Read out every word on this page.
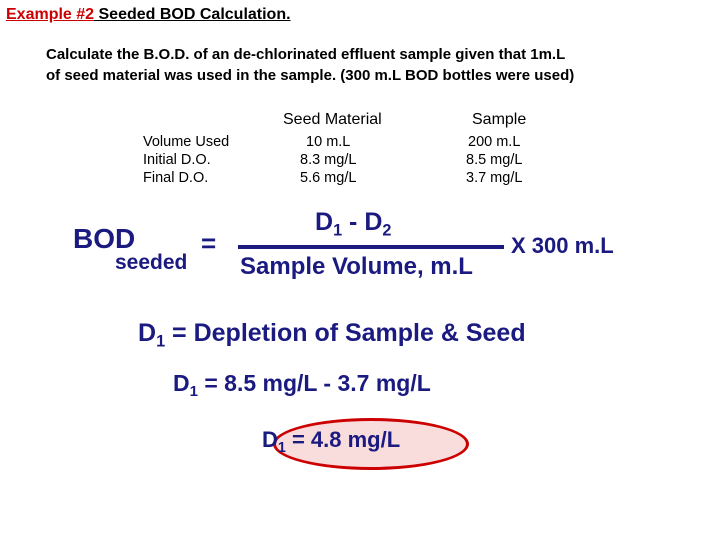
Example #2 Seeded BOD Calculation.
Calculate the B.O.D. of an de-chlorinated effluent sample given that 1m.L
of seed material was used in the sample. (300 m.L BOD bottles were used)
Seed Material	Sample
Volume Used
Initial D.O.
Final D.O.
10 m.L
8.3 mg/L
5.6 mg/L
200 m.L
8.5 mg/L
3.7 mg/L
BOD
seeded
=
$D_1 - D_2$
Sample Volume, m.L
X 300 m.L
$D_1$ = Depletion of Sample & Seed
$D_1 = 8.5$ mg/L - 3.7 mg/L
$D_1 = 4.8$ mg/L
